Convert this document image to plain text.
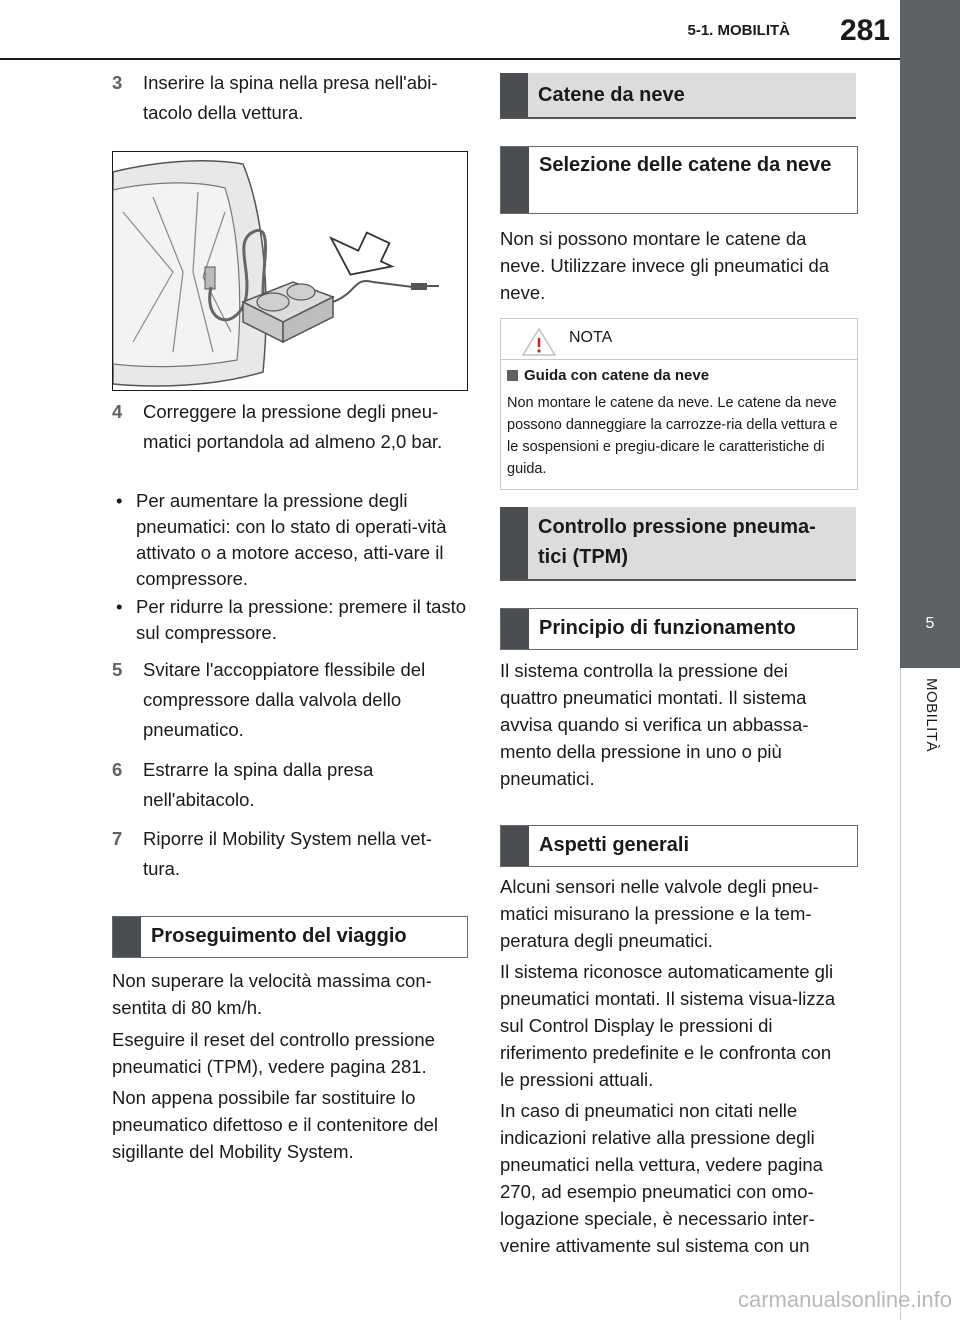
5-1. MOBILITÀ	281
5
MOBILITÀ
3 Inserire la spina nella presa nell'abi-tacolo della vettura.
4 Correggere la pressione degli pneu-matici portandola ad almeno 2,0 bar.
• Per aumentare la pressione degli pneumatici: con lo stato di operati-vità attivato o a motore acceso, atti-vare il compressore.
• Per ridurre la pressione: premere il tasto sul compressore.
5 Svitare l'accoppiatore flessibile del compressore dalla valvola dello pneumatico.
6 Estrarre la spina dalla presa nell'abitacolo.
7 Riporre il Mobility System nella vet-tura.
Proseguimento del viaggio
Non superare la velocità massima con-sentita di 80 km/h.
Eseguire il reset del controllo pressione pneumatici (TPM), vedere pagina 281.
Non appena possibile far sostituire lo pneumatico difettoso e il contenitore del sigillante del Mobility System.
Catene da neve
Selezione delle catene da neve
Non si possono montare le catene da neve. Utilizzare invece gli pneumatici da neve.
NOTA
Guida con catene da neve
Non montare le catene da neve. Le catene da neve possono danneggiare la carrozze-ria della vettura e le sospensioni e pregiu-dicare le caratteristiche di guida.
Controllo pressione pneuma-tici (TPM)
Principio di funzionamento
Il sistema controlla la pressione dei quattro pneumatici montati. Il sistema avvisa quando si verifica un abbassa-mento della pressione in uno o più pneumatici.
Aspetti generali
Alcuni sensori nelle valvole degli pneu-matici misurano la pressione e la tem-peratura degli pneumatici.
Il sistema riconosce automaticamente gli pneumatici montati. Il sistema visua-lizza sul Control Display le pressioni di riferimento predefinite e le confronta con le pressioni attuali.
In caso di pneumatici non citati nelle indicazioni relative alla pressione degli pneumatici nella vettura, vedere pagina 270, ad esempio pneumatici con omo-logazione speciale, è necessario inter-venire attivamente sul sistema con un
carmanualsonline.info
